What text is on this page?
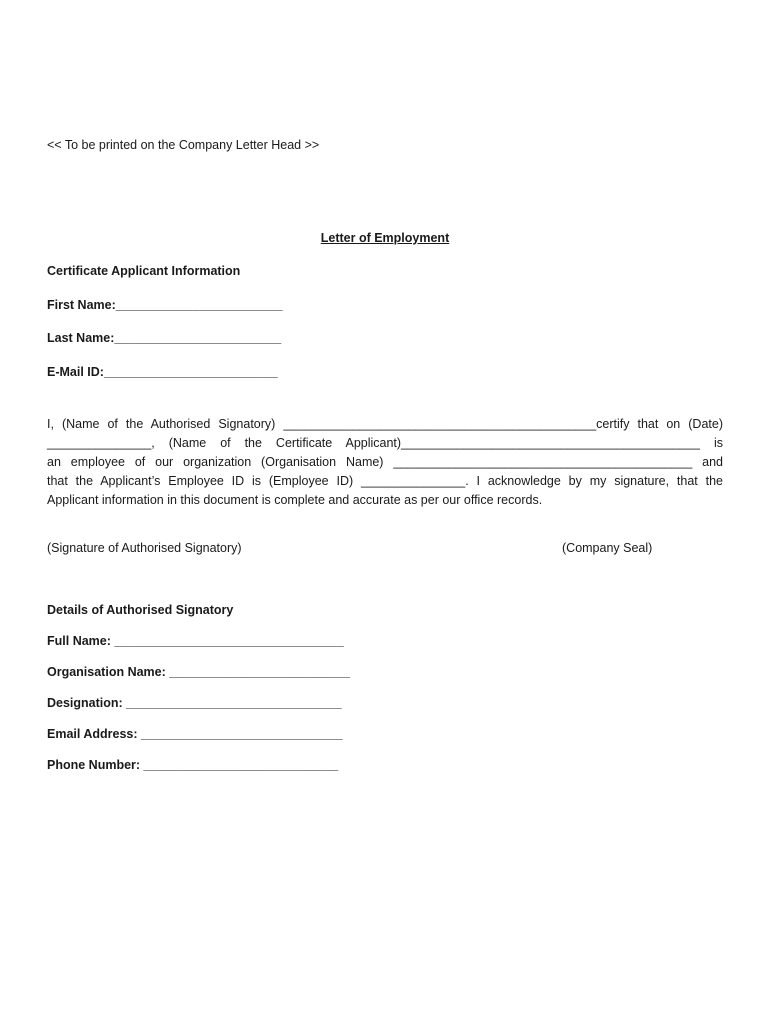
<< To be printed on the Company Letter Head >>
Letter of Employment
Certificate Applicant Information
First Name:________________________
Last Name:________________________
E-Mail ID:_________________________
I, (Name of the Authorised Signatory) _____________________________________________certify that on (Date)
_______________, (Name of the Certificate Applicant)___________________________________________ is
an employee of our organization (Organisation Name) ___________________________________________ and
that the Applicant’s Employee ID is (Employee ID) _______________. I acknowledge by my signature, that the
Applicant information in this document is complete and accurate as per our office records.
(Signature of Authorised Signatory)	(Company Seal)
Details of Authorised Signatory
Full Name: _________________________________
Organisation Name: __________________________
Designation: _______________________________
Email Address: _____________________________
Phone Number: ____________________________
